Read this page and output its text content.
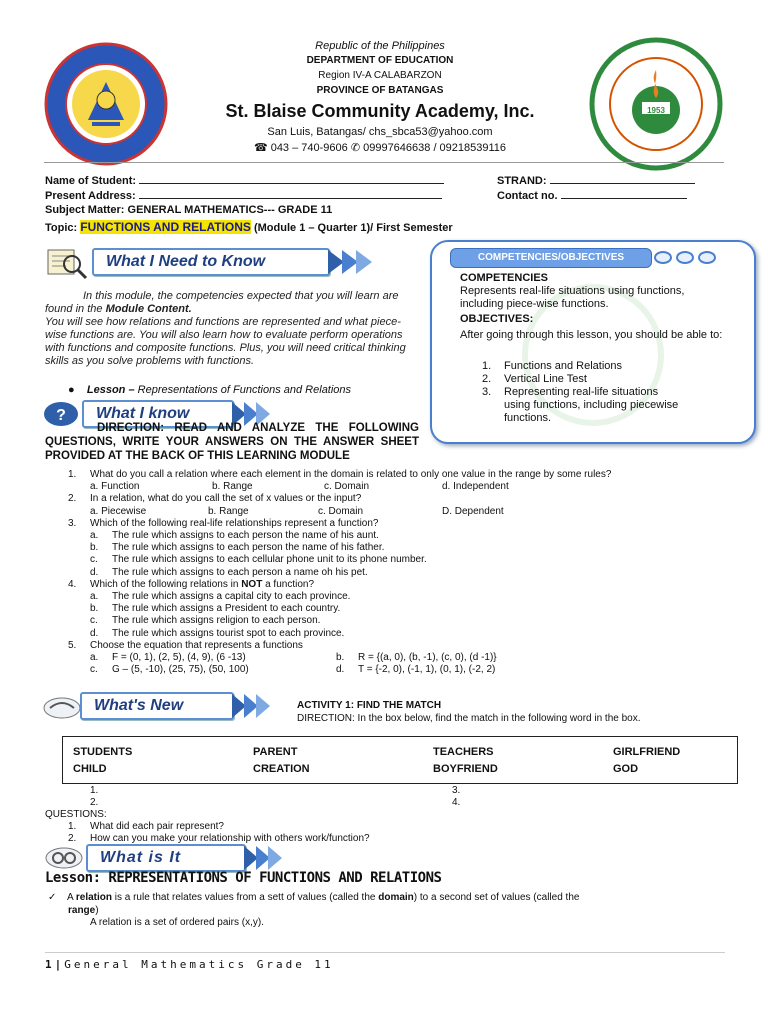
Republic of the Philippines
DEPARTMENT OF EDUCATION
Region IV-A CALABARZON
PROVINCE OF BATANGAS
St. Blaise Community Academy, Inc.
San Luis, Batangas/ chs_sbca53@yahoo.com
☎ 043 – 740-9606 ✆ 09997646638 / 09218539116
1953
Name of Student:
Present Address:
STRAND:
Contact no.
Subject Matter: GENERAL MATHEMATICS--- GRADE 11
Topic: FUNCTIONS AND RELATIONS (Module 1 – Quarter 1)/ First Semester
What I Need to Know
In this module, the competencies expected that you will learn are found in the Module Content.
You will see how relations and functions are represented and what piece-wise functions are. You will also learn how to evaluate perform operations with functions and composite functions. Plus, you will need critical thinking skills as you solve problems with functions.
● Lesson – Representations of Functions and Relations
COMPETENCIES/OBJECTIVES
COMPETENCIES
Represents real-life situations using functions, including piece-wise functions.
OBJECTIVES:
After going through this lesson, you should be able to:
1. Functions and Relations
2. Vertical Line Test
3.	Representing real-life situations using functions, including piecewise functions.
?	What I know
DIRECTION: READ AND ANALYZE THE FOLLOWING QUESTIONS, WRITE YOUR ANSWERS ON THE ANSWER SHEET PROVIDED AT THE BACK OF THIS LEARNING MODULE
1.	What do you call a relation where each element in the domain is related to only one value in the range by some rules?
a. Function	b. Range	c. Domain	d. Independent
2. In a relation, what do you call the set of x values or the input?
a. Piecewise	b. Range	c. Domain	D. Dependent
3. Which of the following real-life relationships represent a function?
a. The rule which assigns to each person the name of his aunt.
b. The rule which assigns to each person the name of his father.
c. The rule which assigns to each cellular phone unit to its phone number.
d. The rule which assigns to each person a name oh his pet.
4. Which of the following relations in NOT a function?
a. The rule which assigns a capital city to each province.
b. The rule which assigns a President to each country.
c. The rule which assigns religion to each person.
d. The rule which assigns tourist spot to each province.
5. Choose the equation that represents a functions
a. F = (0, 1), (2, 5), (4, 9), (6 -13)	b. R = {(a, 0), (b, -1), (c, 0), (d -1)}
c. G – (5, -10), (25, 75), (50, 100)	d. T = {-2, 0), (-1, 1), (0, 1), (-2, 2)
What's New	ACTIVITY 1: FIND THE MATCH
DIRECTION: In the box below, find the match in the following word in the box.
STUDENTS	PARENT	TEACHERS	GIRLFRIEND
CHILD	CREATION	BOYFRIEND	GOD
1.
2.
3.
4.
QUESTIONS:
1. What did each pair represent?
2. How can you make your relationship with others work/function?
What is It
Lesson: REPRESENTATIONS OF FUNCTIONS AND RELATIONS
✓ A relation is a rule that relates values from a sett of values (called the domain) to a second set of values (called the
range)
A relation is a set of ordered pairs (x,y).
1|General Mathematics Grade 11
